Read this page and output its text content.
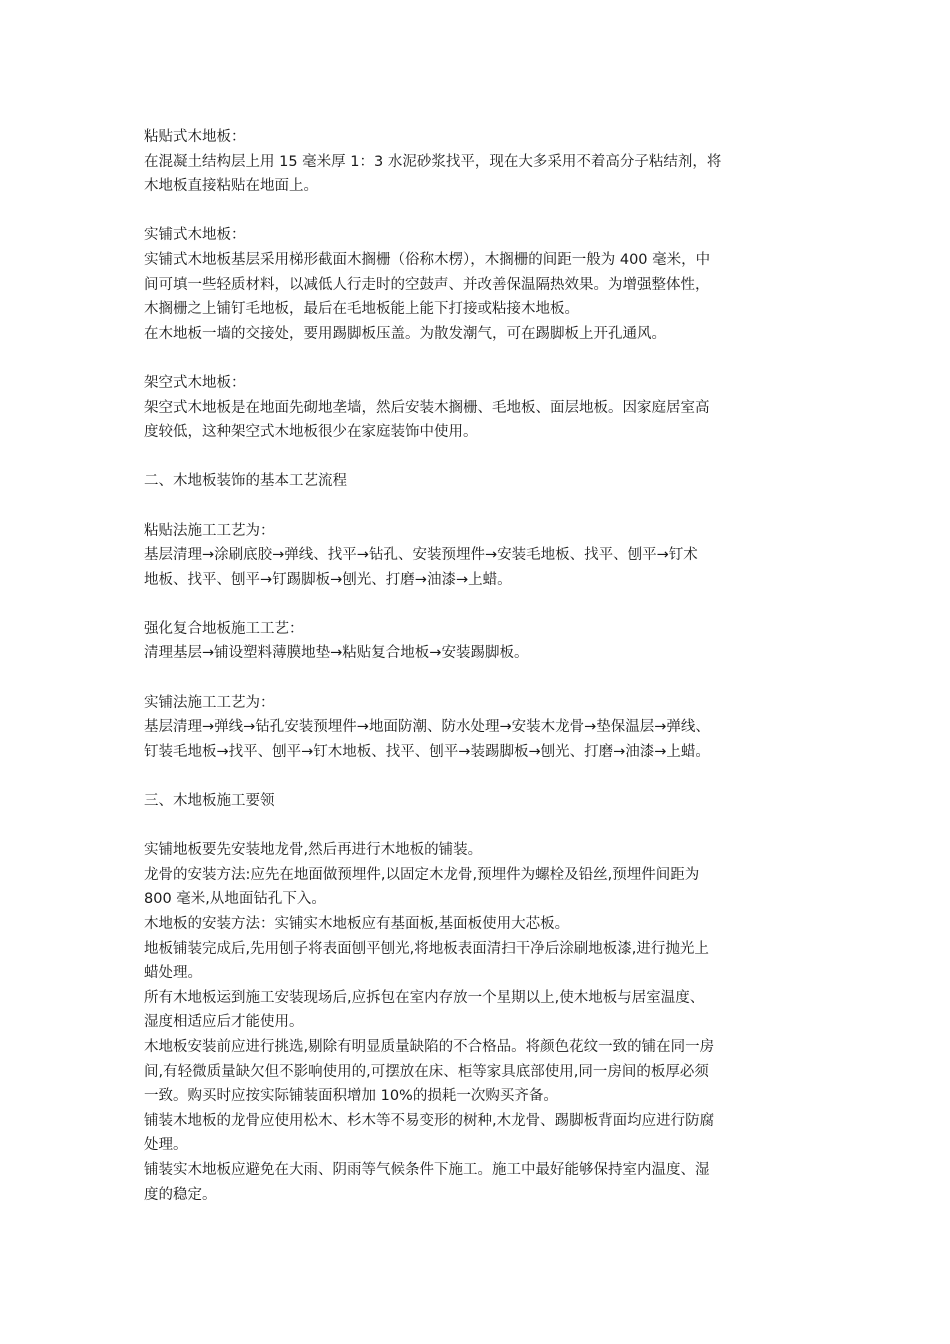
粘贴式木地板：

在混凝土结构层上用 15 毫米厚 1：3 水泥砂浆找平，现在大多采用不着高分子粘结剂，将

木地板直接粘贴在地面上。

实铺式木地板：

实铺式木地板基层采用梯形截面木搁栅（俗称木楞），木搁栅的间距一般为 400 毫米，中

间可填一些轻质材料，以减低人行走时的空鼓声、并改善保温隔热效果。为增强整体性，

木搁栅之上铺钉毛地板，最后在毛地板能上能下打接或粘接木地板。

在木地板一墙的交接处，要用踢脚板压盖。为散发潮气，可在踢脚板上开孔通风。

架空式木地板：

架空式木地板是在地面先砌地垄墙，然后安装木搁栅、毛地板、面层地板。因家庭居室高

度较低，这种架空式木地板很少在家庭装饰中使用。

二、木地板装饰的基本工艺流程

粘贴法施工工艺为：

基层清理→涂刷底胶→弹线、找平→钻孔、安装预埋件→安装毛地板、找平、刨平→钉术

地板、找平、刨平→钉踢脚板→刨光、打磨→油漆→上蜡。

强化复合地板施工工艺：

清理基层→铺设塑料薄膜地垫→粘贴复合地板→安装踢脚板。

实铺法施工工艺为：

基层清理→弹线→钻孔安装预埋件→地面防潮、防水处理→安装木龙骨→垫保温层→弹线、

钉装毛地板→找平、刨平→钉木地板、找平、刨平→装踢脚板→刨光、打磨→油漆→上蜡。

三、木地板施工要领

实铺地板要先安装地龙骨,然后再进行木地板的铺装。

龙骨的安装方法:应先在地面做预埋件,以固定木龙骨,预埋件为螺栓及铅丝,预埋件间距为

800 毫米,从地面钻孔下入。

木地板的安装方法：实铺实木地板应有基面板,基面板使用大芯板。

地板铺装完成后,先用刨子将表面刨平刨光,将地板表面清扫干净后涂刷地板漆,进行抛光上

蜡处理。

所有木地板运到施工安装现场后,应拆包在室内存放一个星期以上,使木地板与居室温度、

湿度相适应后才能使用。

木地板安装前应进行挑选,剔除有明显质量缺陷的不合格品。将颜色花纹一致的铺在同一房

间,有轻微质量缺欠但不影响使用的,可摆放在床、柜等家具底部使用,同一房间的板厚必须

一致。购买时应按实际铺装面积增加 10%的损耗一次购买齐备。

铺装木地板的龙骨应使用松木、杉木等不易变形的树种,木龙骨、踢脚板背面均应进行防腐

处理。

铺装实木地板应避免在大雨、阴雨等气候条件下施工。施工中最好能够保持室内温度、湿

度的稳定。
